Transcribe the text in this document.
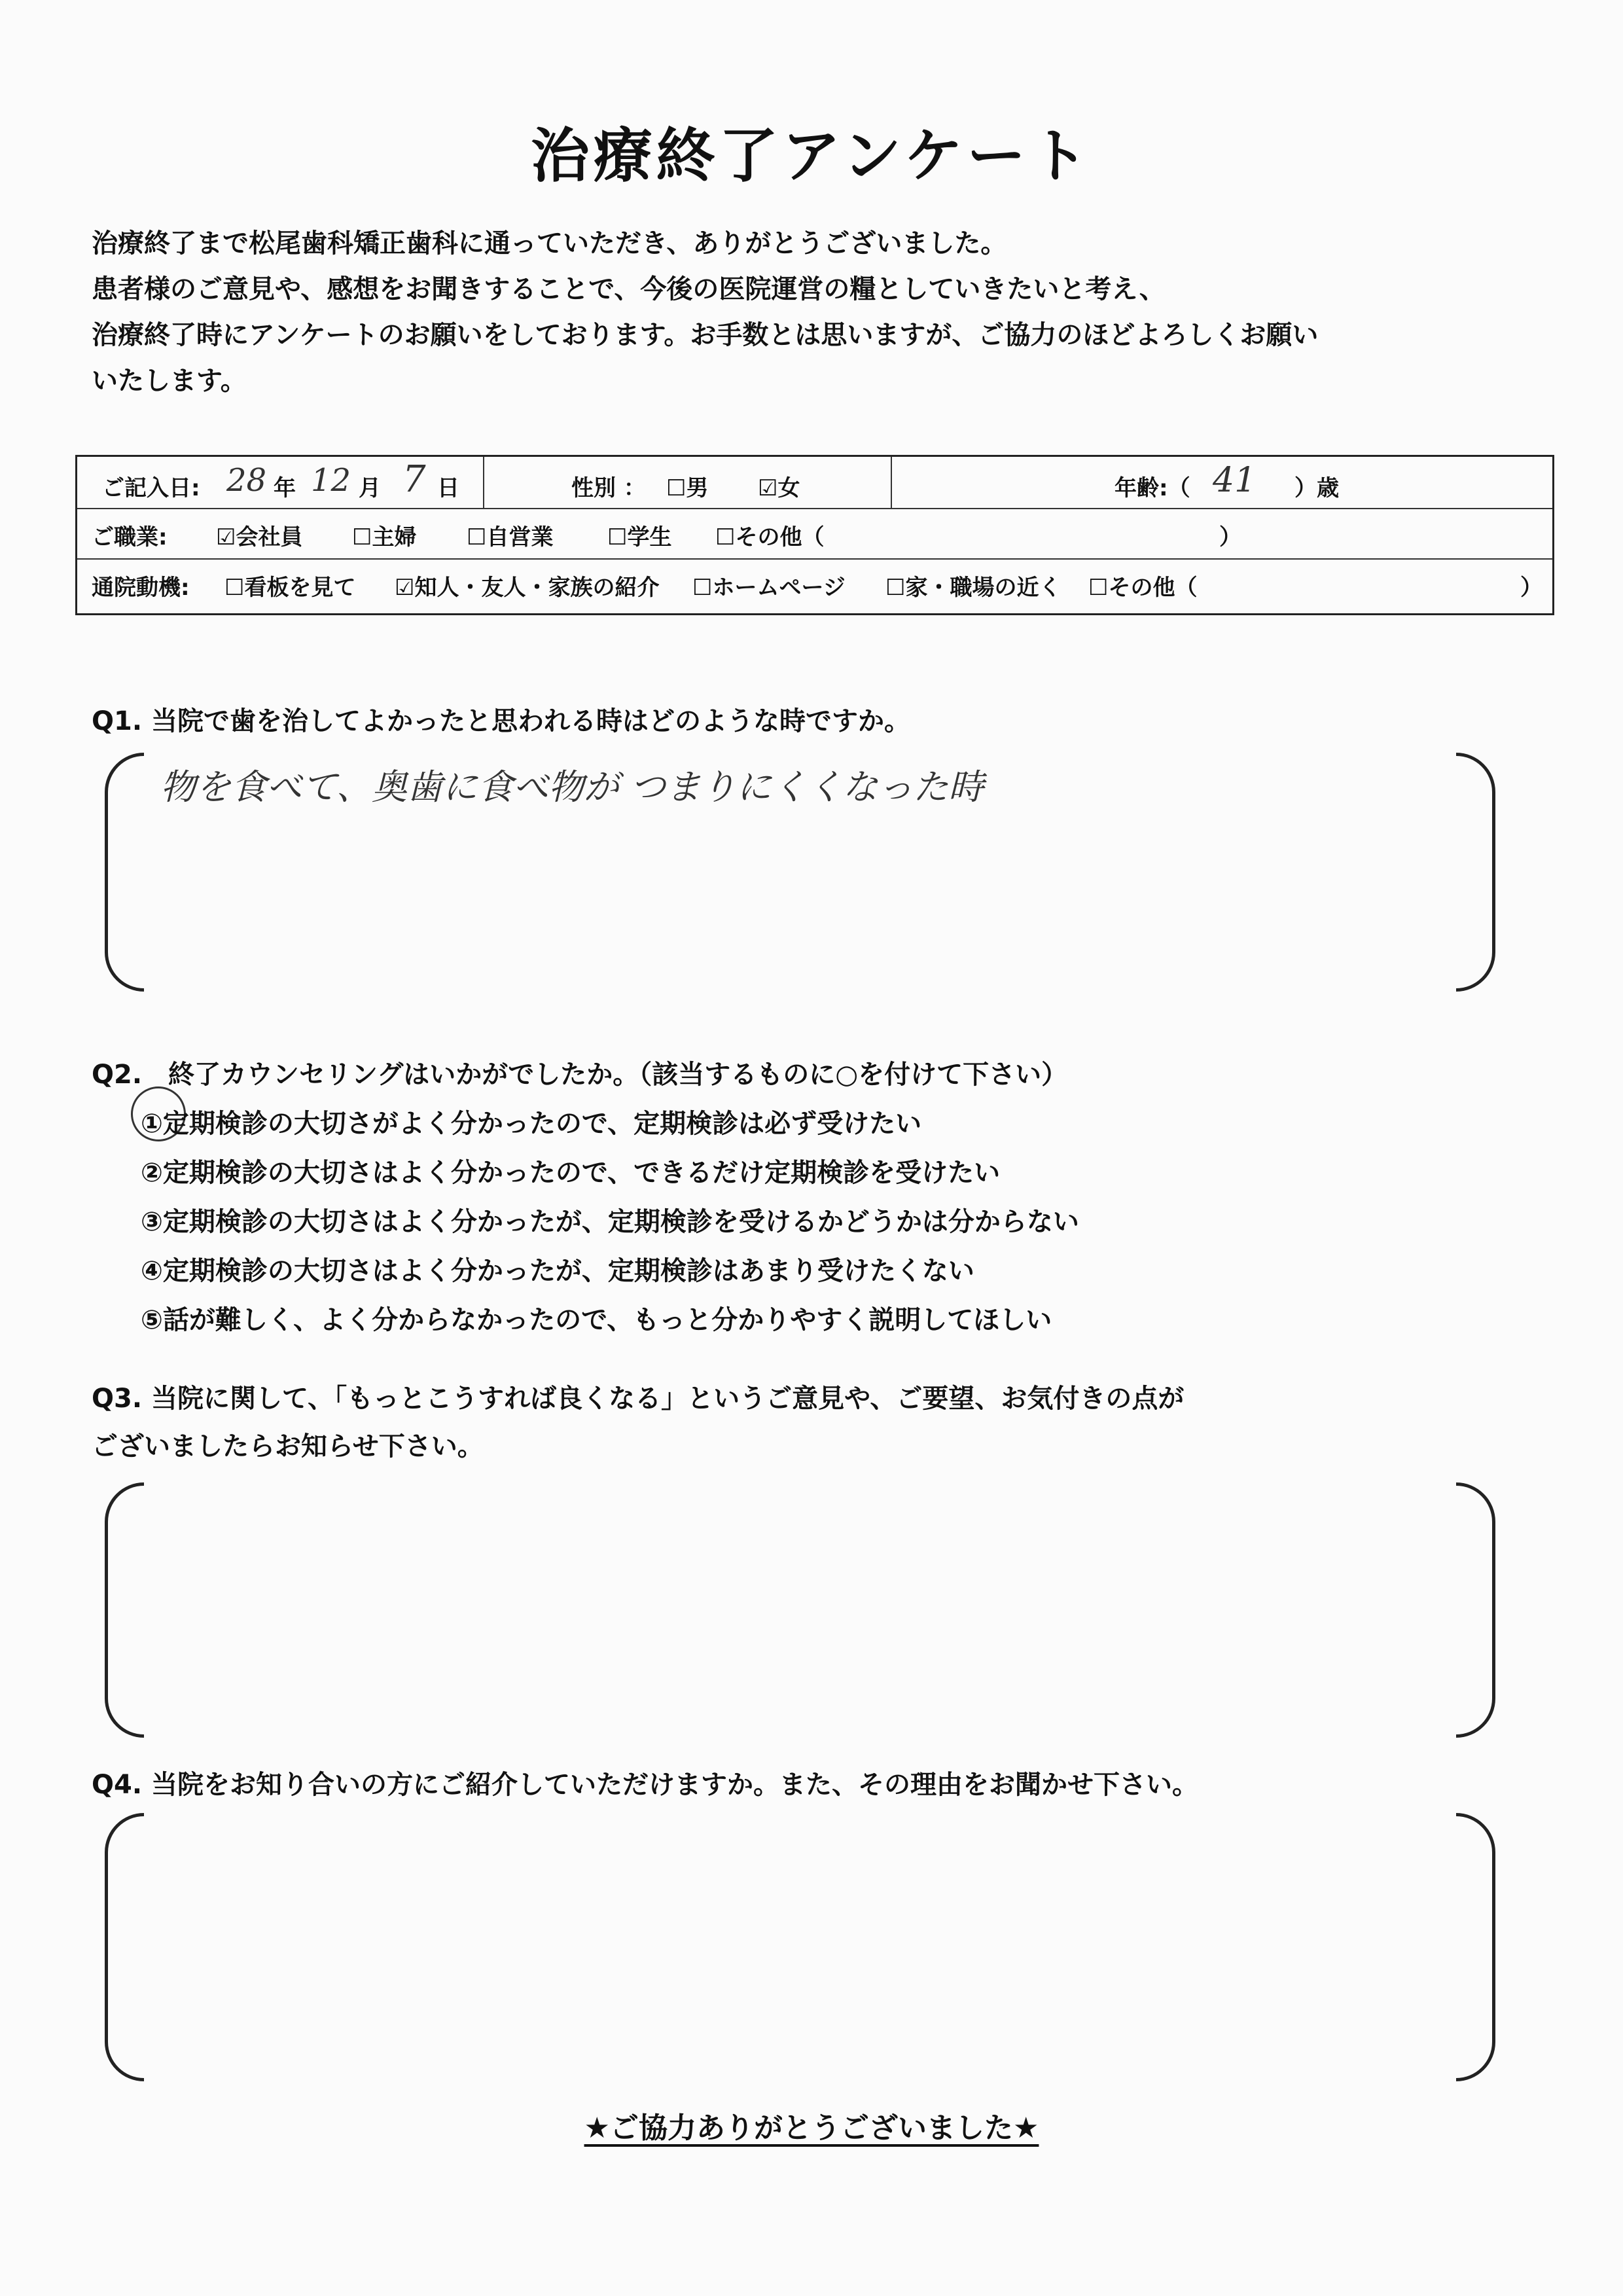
治療終了アンケート
治療終了まで松尾歯科矯正歯科に通っていただき、ありがとうございました。
患者様のご意見や、感想をお聞きすることで、今後の医院運営の糧としていきたいと考え、
治療終了時にアンケートのお願いをしております。お手数とは思いますが、ご協力のほどよろしくお願い
いたします。
ご記入日: 28 年 12 月 7 日	性別 ： ☐男 ☑女	年齢:（ 41 ）歳
ご職業: ☑会社員 ☐主婦 ☐自営業 ☐学生 ☐その他（	）
通院動機: ☐看板を見て ☑知人・友人・家族の紹介 ☐ホームページ ☐家・職場の近く ☐その他（	）
Q1. 当院で歯を治してよかったと思われる時はどのような時ですか。
物を食べて、奥歯に食べ物が つまりにくくなった時
Q2.　終了カウンセリングはいかがでしたか。（該当するものに○を付けて下さい）
①定期検診の大切さがよく分かったので、定期検診は必ず受けたい
②定期検診の大切さはよく分かったので、できるだけ定期検診を受けたい
③定期検診の大切さはよく分かったが、定期検診を受けるかどうかは分からない
④定期検診の大切さはよく分かったが、定期検診はあまり受けたくない
⑤話が難しく、よく分からなかったので、もっと分かりやすく説明してほしい
Q3. 当院に関して、「もっとこうすれば良くなる」というご意見や、ご要望、お気付きの点が
ございましたらお知らせ下さい。
Q4. 当院をお知り合いの方にご紹介していただけますか。また、その理由をお聞かせ下さい。
★ご協力ありがとうございました★
